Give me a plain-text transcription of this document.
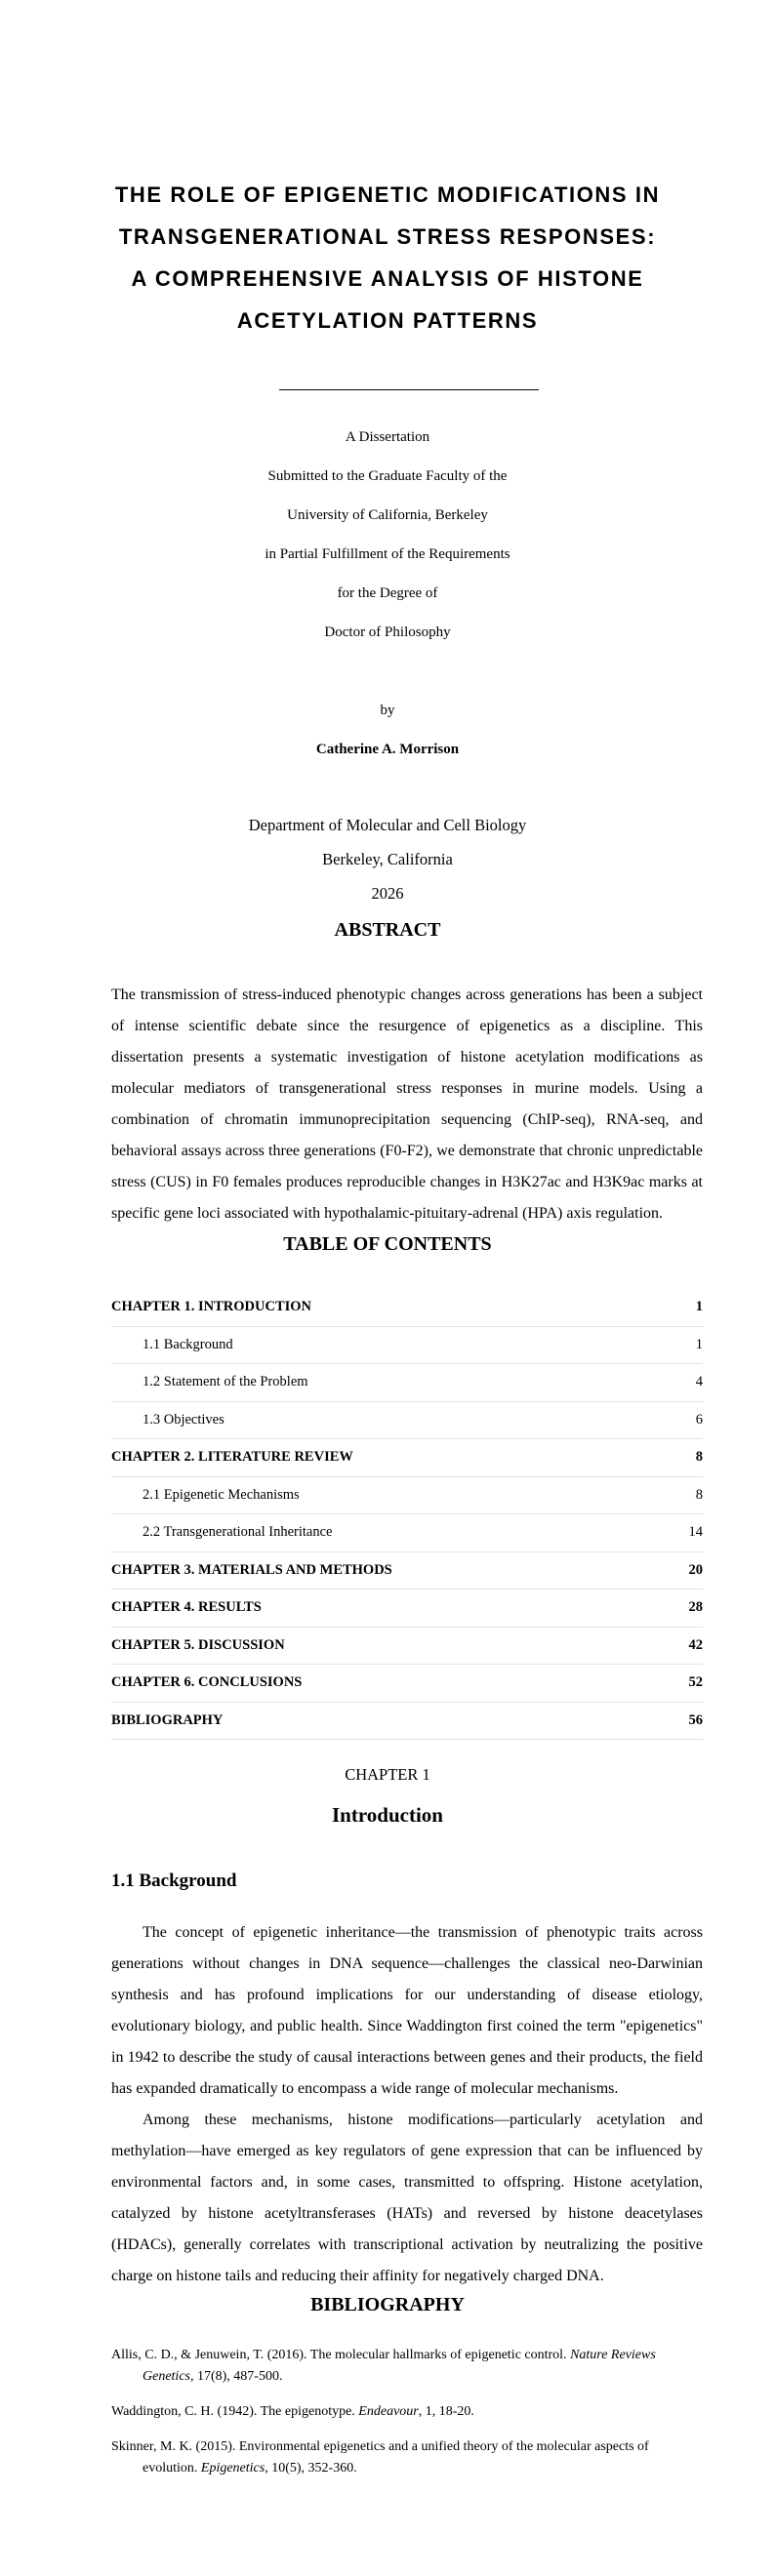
THE ROLE OF EPIGENETIC MODIFICATIONS IN TRANSGENERATIONAL STRESS RESPONSES: A COMPREHENSIVE ANALYSIS OF HISTONE ACETYLATION PATTERNS
A Dissertation
Submitted to the Graduate Faculty of the
University of California, Berkeley
in Partial Fulfillment of the Requirements
for the Degree of
Doctor of Philosophy
by
Catherine A. Morrison
Department of Molecular and Cell Biology
Berkeley, California
2026
ABSTRACT

The transmission of stress-induced phenotypic changes across generations has been a subject of intense scientific debate since the resurgence of epigenetics as a discipline. This dissertation presents a systematic investigation of histone acetylation modifications as molecular mediators of transgenerational stress responses in murine models. Using a combination of chromatin immunoprecipitation sequencing (ChIP-seq), RNA-seq, and behavioral assays across three generations (F0-F2), we demonstrate that chronic unpredictable stress (CUS) in F0 females produces reproducible changes in H3K27ac and H3K9ac marks at specific gene loci associated with hypothalamic-pituitary-adrenal (HPA) axis regulation.

TABLE OF CONTENTS
CHAPTER 1. INTRODUCTION	1
1.1 Background	1
1.2 Statement of the Problem	4
1.3 Objectives	6
CHAPTER 2. LITERATURE REVIEW	8
2.1 Epigenetic Mechanisms	8
2.2 Transgenerational Inheritance	14
CHAPTER 3. MATERIALS AND METHODS	20
CHAPTER 4. RESULTS	28
CHAPTER 5. DISCUSSION	42
CHAPTER 6. CONCLUSIONS	52
BIBLIOGRAPHY	56
CHAPTER 1
Introduction
1.1 Background

The concept of epigenetic inheritance—the transmission of phenotypic traits across generations without changes in DNA sequence—challenges the classical neo-Darwinian synthesis and has profound implications for our understanding of disease etiology, evolutionary biology, and public health. Since Waddington first coined the term "epigenetics" in 1942 to describe the study of causal interactions between genes and their products, the field has expanded dramatically to encompass a wide range of molecular mechanisms.

Among these mechanisms, histone modifications—particularly acetylation and methylation—have emerged as key regulators of gene expression that can be influenced by environmental factors and, in some cases, transmitted to offspring. Histone acetylation, catalyzed by histone acetyltransferases (HATs) and reversed by histone deacetylases (HDACs), generally correlates with transcriptional activation by neutralizing the positive charge on histone tails and reducing their affinity for negatively charged DNA.

BIBLIOGRAPHY
Allis, C. D., & Jenuwein, T. (2016). The molecular hallmarks of epigenetic control. Nature Reviews Genetics, 17(8), 487-500.
Waddington, C. H. (1942). The epigenotype. Endeavour, 1, 18-20.
Skinner, M. K. (2015). Environmental epigenetics and a unified theory of the molecular aspects of evolution. Epigenetics, 10(5), 352-360.
